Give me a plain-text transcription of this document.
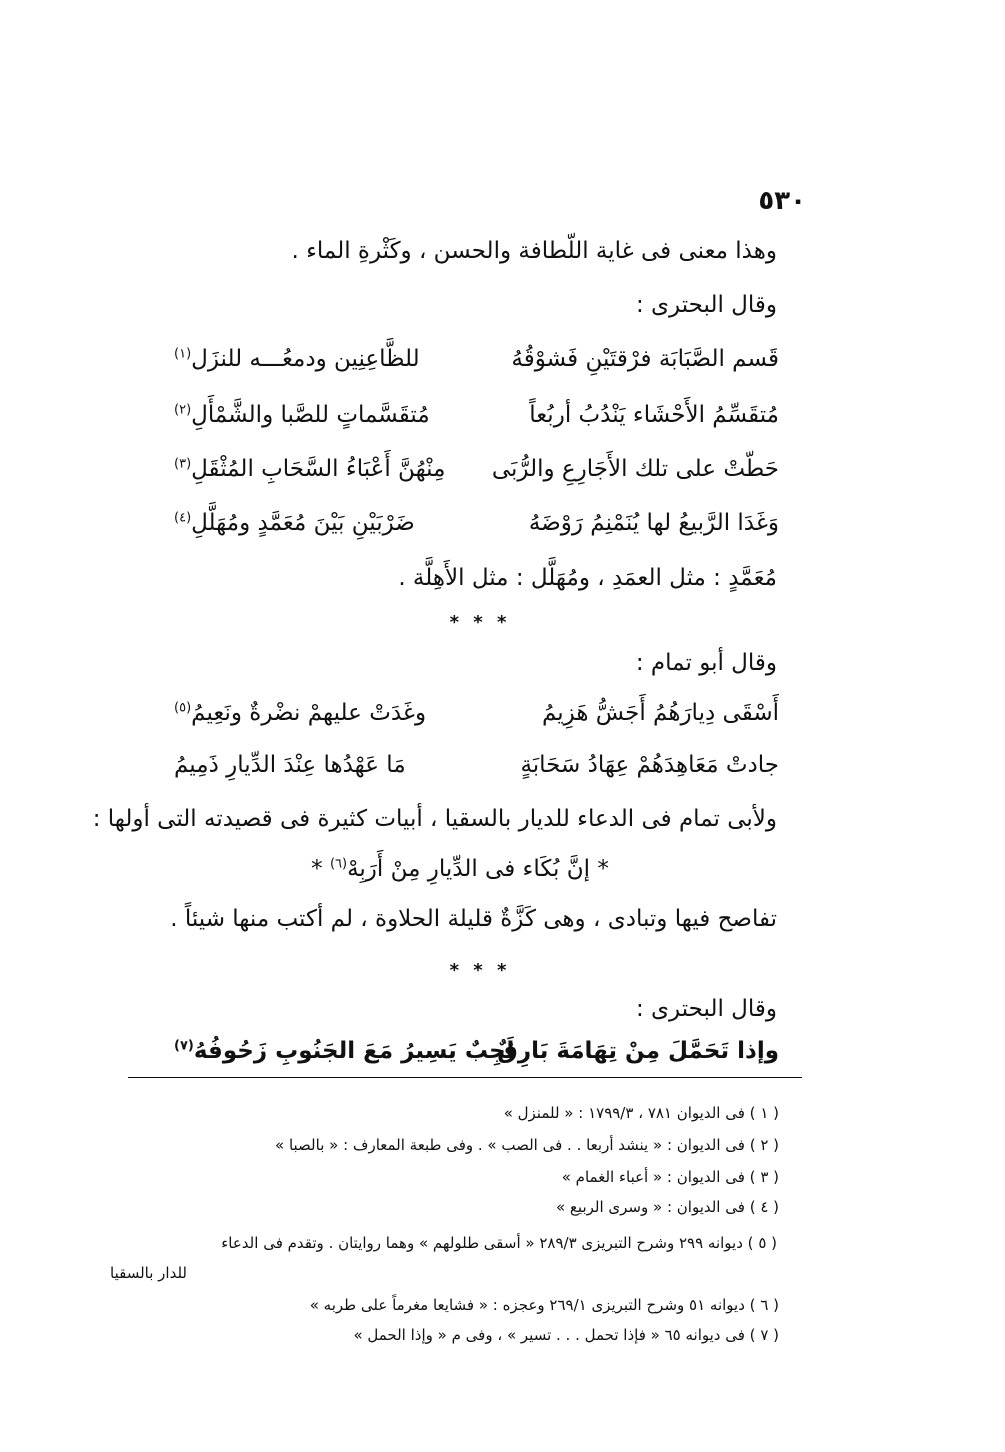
٥٣٠
وهذا معنى فى غاية اللّطافة والحسن ، وكَثْرةِ الماء .
وقال البحترى :
قَسم الصَّبَابَة فرْقتَيْنِ فَشوْقُهُ
للظَّاعِنِين ودمعُـــه للنزَل$^{(١)}$
مُتقَسِّمُ الأَحْشَاء يَنْدُبُ أربُعاً
مُتقَسَّماتٍ للصَّبا والشَّمْأَلِ$^{(٢)}$
حَطّتْ على تلك الأَجَارِعِ والرُّبَى
مِنْهُنَّ أَعْبَاءُ السَّحَابِ المُثْقَلِ$^{(٣)}$
وَغَدَا الرَّبيعُ لها يُنَمْنِمُ رَوْضَهُ
ضَرْبَيْنِ بَيْنَ مُعَمَّدٍ ومُهَلَّلِ$^{(٤)}$
مُعَمَّدٍ : مثل العمَدِ ، ومُهَلَّل : مثل الأَهِلَّة .
* * *
وقال أبو تمام :
أَسْقَى دِيارَهُمُ أَجَشُّ هَزِيمُ
وغَدَتْ عليهمْ نضْرةٌ ونَعِيمُ$^{(٥)}$
جادتْ مَعَاهِدَهُمْ عِهَادُ سَحَابَةٍ
مَا عَهْدُها عِنْدَ الدِّيارِ ذَمِيمُ
ولأبى تمام فى الدعاء للديار بالسقيا ، أبيات كثيرة فى قصيدته التى أولها :
* إنَّ بُكَاء فى الدِّيارِ مِنْ أَرَبِهْ$^{(٦)}$ *
تفاصح فيها وتبادى ، وهى كَزَّةٌ قليلة الحلاوة ، لم أكتب منها شيئاً .
* * *
وقال البحترى :
وإذا تَحَمَّلَ مِنْ تِهَامَةَ بَارِقٌ
لَجِبٌ يَسِيرُ مَعَ الجَنُوبِ زَحُوفُهُ$^{(٧)}$
( ١ ) فى الديوان ٧٨١ ، ١٧٩٩/٣ : « للمنزل »
( ٢ ) فى الديوان : « ينشد أربعا . . فى الصب » . وفى طبعة المعارف : « بالصبا »
( ٣ ) فى الديوان : « أعباء الغمام »
( ٤ ) فى الديوان : « وسرى الربيع »
( ٥ ) ديوانه ٢٩٩ وشرح التبريزى ٢٨٩/٣ « أسقى طلولهم » وهما روايتان . وتقدم فى الدعاء
للدار بالسقيا
( ٦ ) ديوانه ٥١ وشرح التبريزى ٢٦٩/١ وعجزه : « فشايعا مغرماً على طربه »
( ٧ ) فى ديوانه ٦٥ « فإذا تحمل . . . تسير » ، وفى م « وإذا الحمل »
